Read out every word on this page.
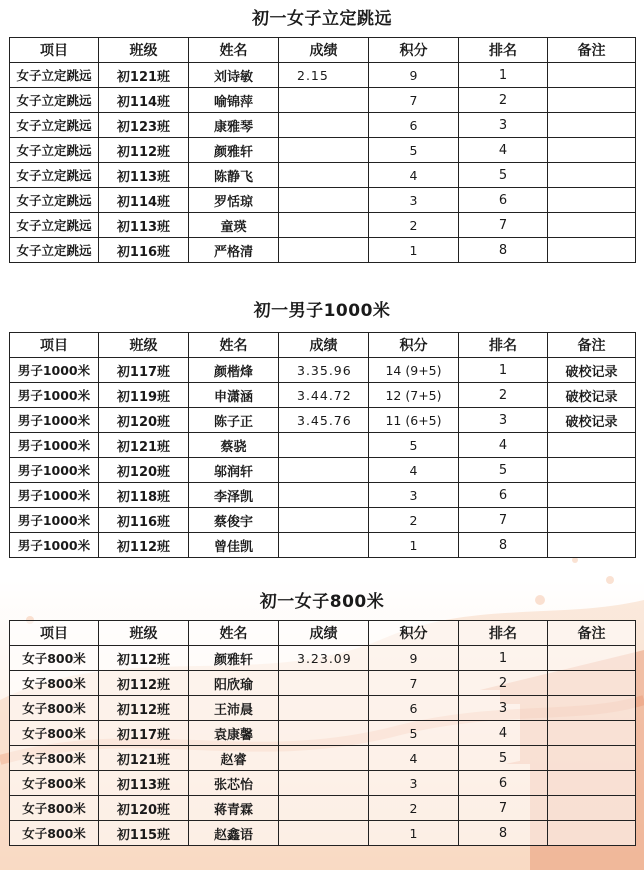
初一女子立定跳远
项目	班级	姓名	成绩	积分	排名	备注
女子立定跳远	初121班	刘诗敏	2.15	9	1	
女子立定跳远	初114班	喻锦萍		7	2	
女子立定跳远	初123班	康雅琴		6	3	
女子立定跳远	初112班	颜雅轩		5	4	
女子立定跳远	初113班	陈静飞		4	5	
女子立定跳远	初114班	罗恬琼		3	6	
女子立定跳远	初113班	童瑛		2	7	
女子立定跳远	初116班	严格清		1	8	
初一男子1000米
项目	班级	姓名	成绩	积分	排名	备注
男子1000米	初117班	颜楷烽	3.35.96	14 (9+5)	1	破校记录
男子1000米	初119班	申潇涵	3.44.72	12 (7+5)	2	破校记录
男子1000米	初120班	陈子正	3.45.76	11 (6+5)	3	破校记录
男子1000米	初121班	蔡骁		5	4	
男子1000米	初120班	邬润轩		4	5	
男子1000米	初118班	李泽凯		3	6	
男子1000米	初116班	蔡俊宇		2	7	
男子1000米	初112班	曾佳凯		1	8	
初一女子800米
项目	班级	姓名	成绩	积分	排名	备注
女子800米	初112班	颜雅轩	3.23.09	9	1	
女子800米	初112班	阳欣瑜		7	2	
女子800米	初112班	王沛晨		6	3	
女子800米	初117班	袁康馨		5	4	
女子800米	初121班	赵睿		4	5	
女子800米	初113班	张芯怡		3	6	
女子800米	初120班	蒋青霖		2	7	
女子800米	初115班	赵鑫语		1	8	
